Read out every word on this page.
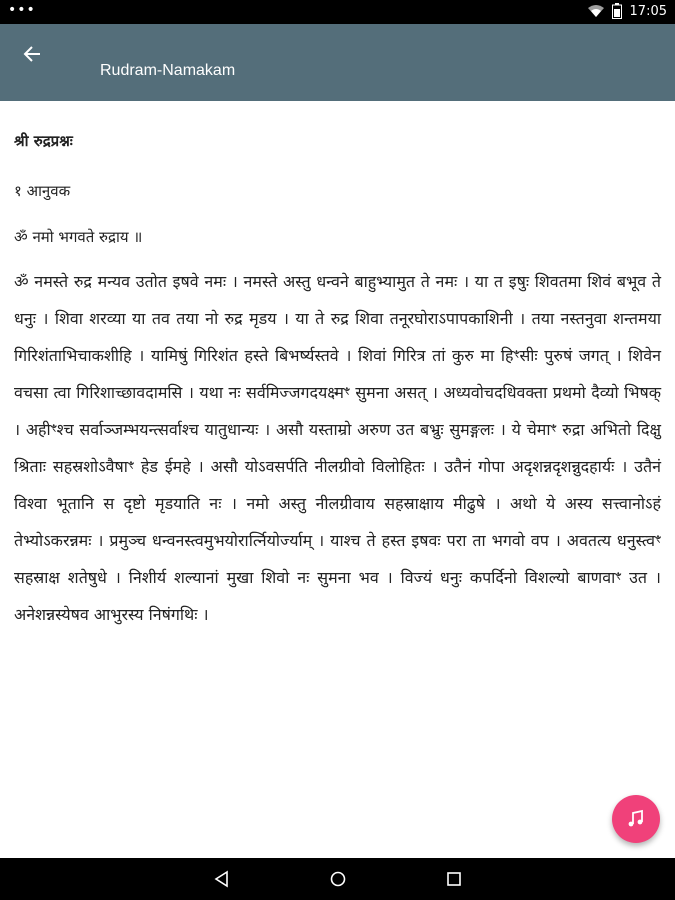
•••	17:05
Rudram-Namakam
श्री रुद्रप्रश्नः
१ आनुवक
ॐ नमो भगवते रुद्राय ॥
ॐ नमस्ते रुद्र मन्यव उतोत इषवे नमः । नमस्ते अस्तु धन्वने बाहुभ्यामुत ते नमः । या त इषुः शिवतमा शिवं बभूव ते धनुः । शिवा शरव्या या तव तया नो रुद्र मृडय । या ते रुद्र शिवा तनूरघोराऽपापकाशिनी । तया नस्तनुवा शन्तमया गिरिशंताभिचाकशीहि । यामिषुं गिरिशंत हस्ते बिभर्ष्यस्तवे । शिवां गिरित्र तां कुरु मा हिꣳसीः पुरुषं जगत् । शिवेन वचसा त्वा गिरिशाच्छावदामसि । यथा नः सर्वमिज्जगदयक्ष्मꣳ सुमना असत् । अध्यवोचदधिवक्ता प्रथमो दैव्यो भिषक् । अहीꣳश्च सर्वाञ्जम्भयन्त्सर्वाश्च यातुधान्यः । असौ यस्ताम्रो अरुण उत बभ्रुः सुमङ्गलः । ये चेमाꣳ रुद्रा अभितो दिक्षु श्रिताः सहस्रशोऽवैषाꣳ हेड ईमहे । असौ योऽवसर्पति नीलग्रीवो विलोहितः । उतैनं गोपा अदृशन्नदृशन्नुदहार्यः । उतैनं विश्वा भूतानि स दृष्टो मृडयाति नः । नमो अस्तु नीलग्रीवाय सहस्राक्षाय मीढुषे । अथो ये अस्य सत्त्वानोऽहं तेभ्योऽकरन्नमः । प्रमुञ्च धन्वनस्त्वमुभयोरार्त्नियोर्ज्याम् । याश्च ते हस्त इषवः परा ता भगवो वप । अवतत्य धनुस्त्वꣳ सहस्राक्ष शतेषुधे । निशीर्य शल्यानां मुखा शिवो नः सुमना भव । विज्यं धनुः कपर्दिनो विशल्यो बाणवाꣳ उत । अनेशन्नस्येषव आभुरस्य निषंगथिः ।
